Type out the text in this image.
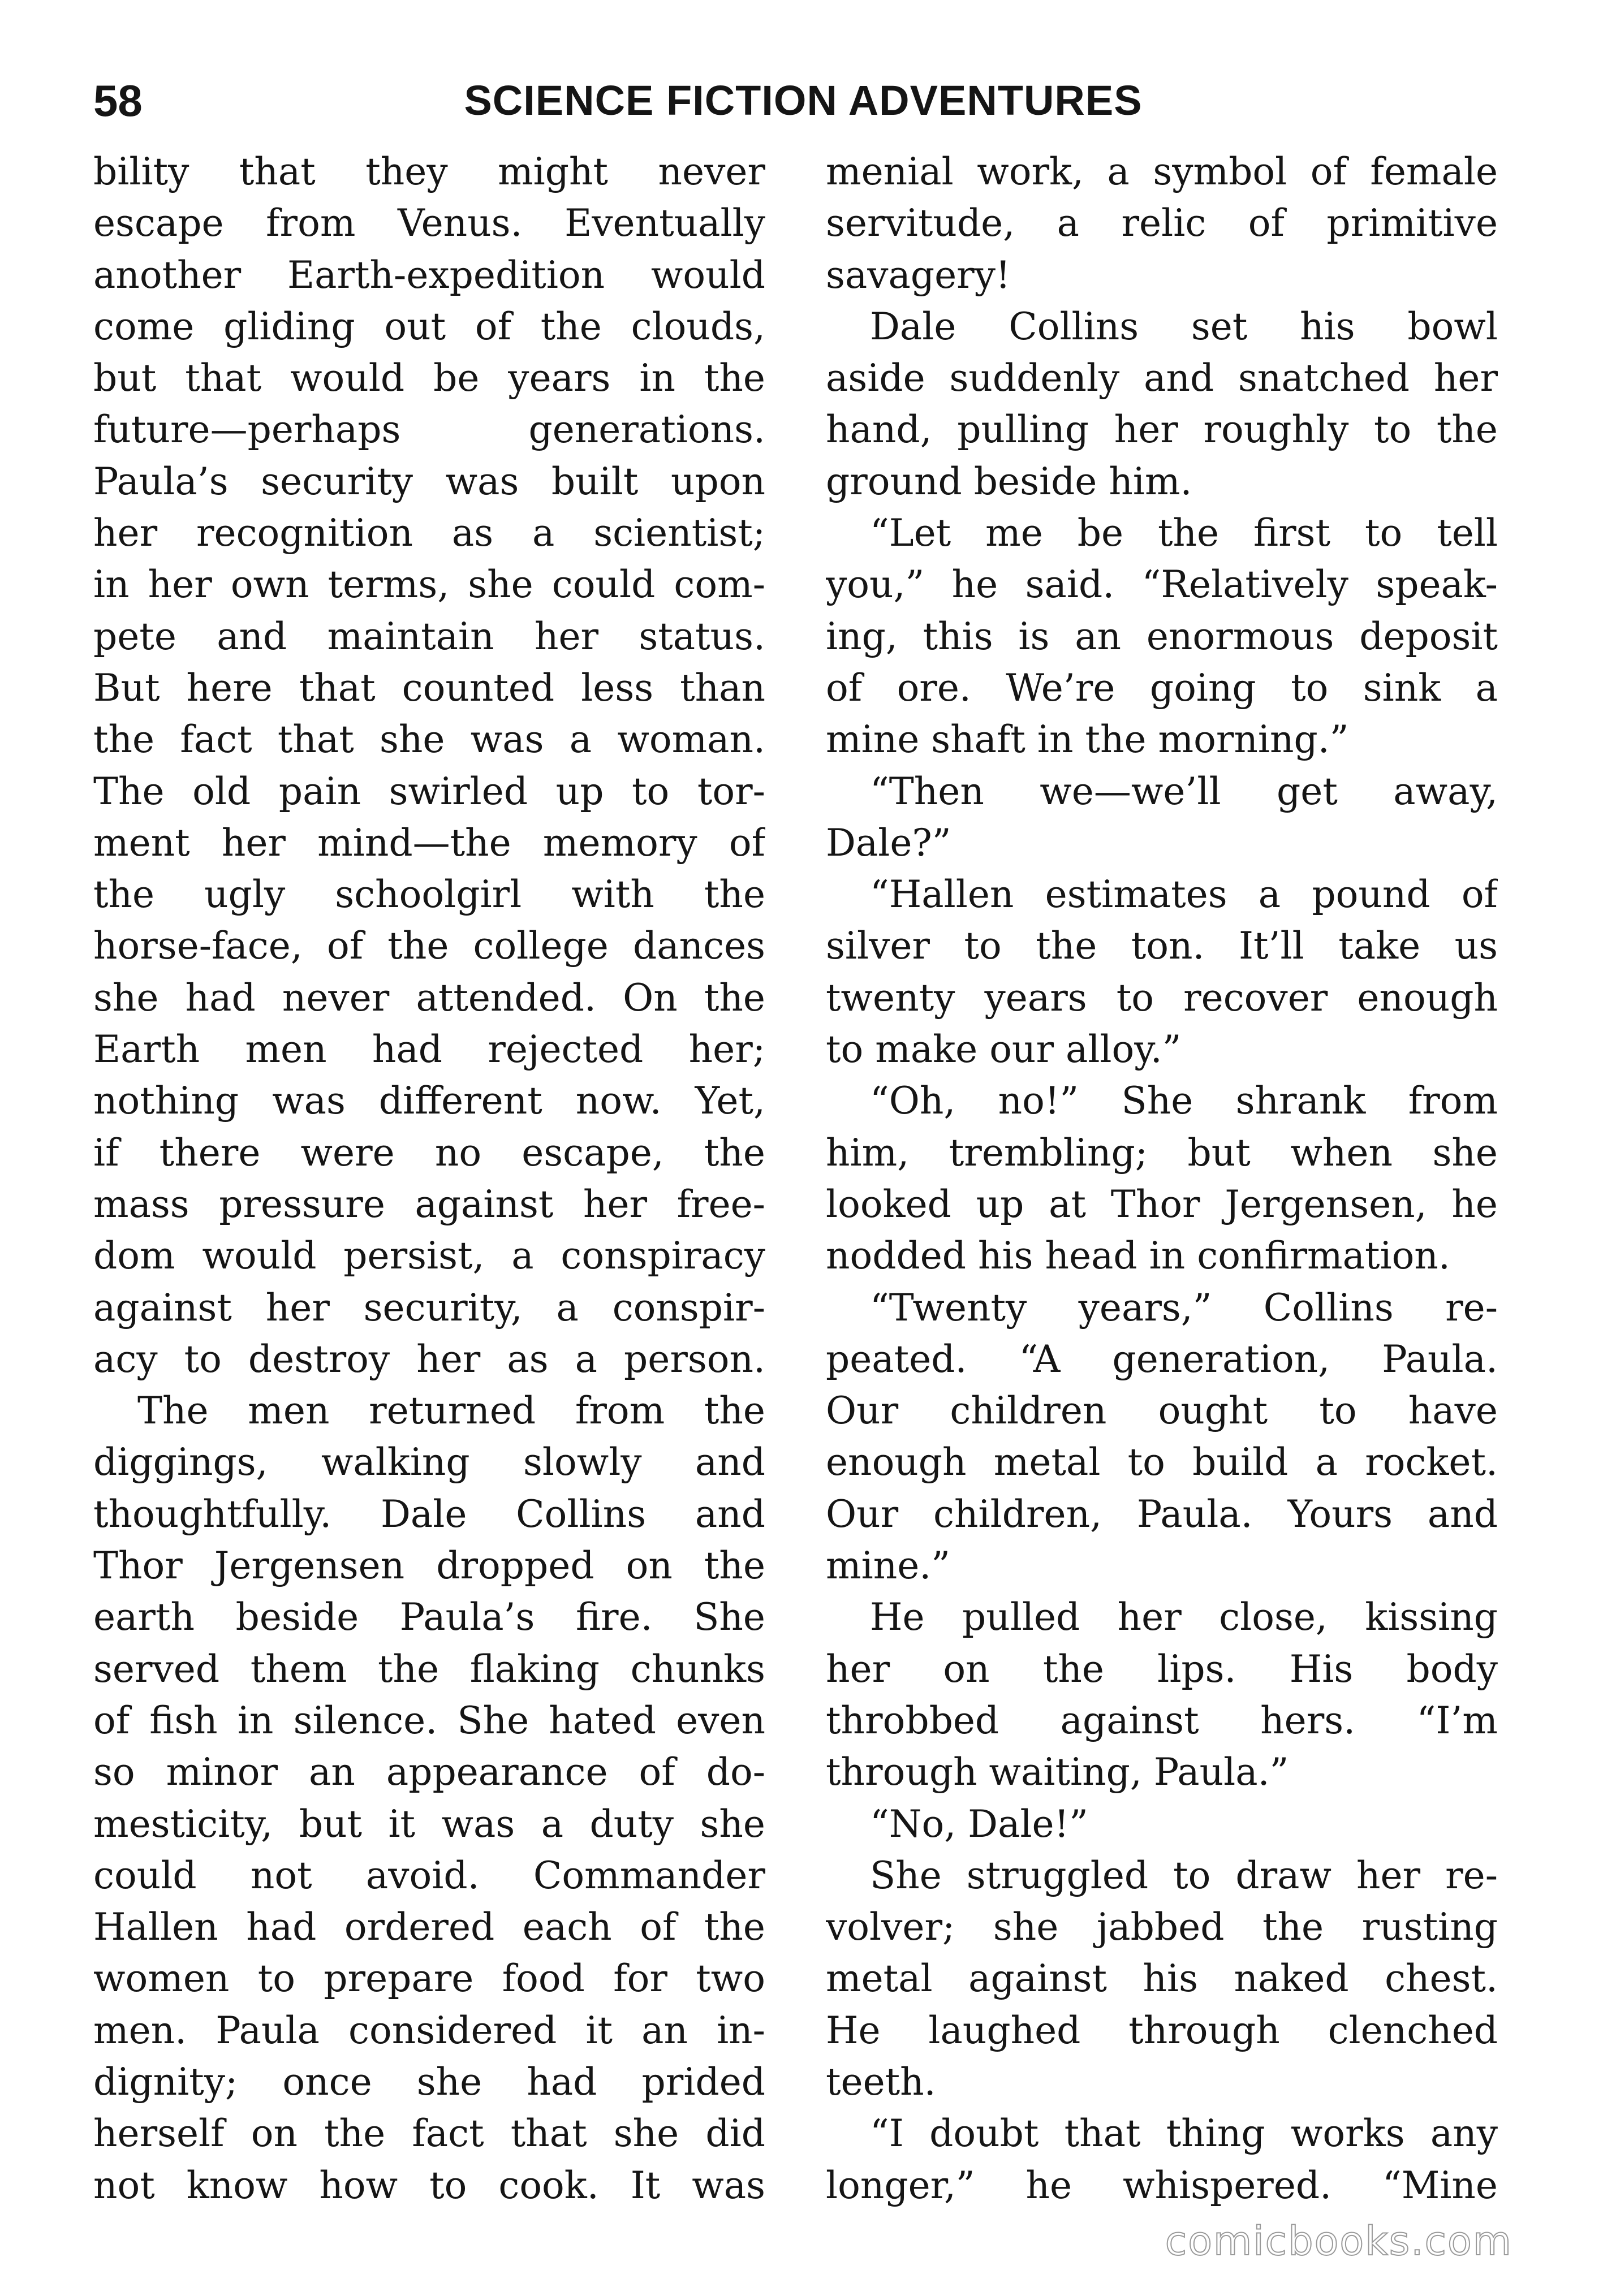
58	SCIENCE FICTION ADVENTURES
bility that they might never
escape from Venus. Eventually
another Earth-expedition would
come gliding out of the clouds,
but that would be years in the
future—perhaps generations.
Paula’s security was built upon
her recognition as a scientist;
in her own terms, she could com-
pete and maintain her status.
But here that counted less than
the fact that she was a woman.
The old pain swirled up to tor-
ment her mind—the memory of
the ugly schoolgirl with the
horse-face, of the college dances
she had never attended. On the
Earth men had rejected her;
nothing was different now. Yet,
if there were no escape, the
mass pressure against her free-
dom would persist, a conspiracy
against her security, a conspir-
acy to destroy her as a person.
The men returned from the
diggings, walking slowly and
thoughtfully. Dale Collins and
Thor Jergensen dropped on the
earth beside Paula’s fire. She
served them the flaking chunks
of fish in silence. She hated even
so minor an appearance of do-
mesticity, but it was a duty she
could not avoid. Commander
Hallen had ordered each of the
women to prepare food for two
men. Paula considered it an in-
dignity; once she had prided
herself on the fact that she did
not know how to cook. It was
menial work, a symbol of female
servitude, a relic of primitive
savagery!
Dale Collins set his bowl
aside suddenly and snatched her
hand, pulling her roughly to the
ground beside him.
“Let me be the first to tell
you,” he said. “Relatively speak-
ing, this is an enormous deposit
of ore. We’re going to sink a
mine shaft in the morning.”
“Then we—we’ll get away,
Dale?”
“Hallen estimates a pound of
silver to the ton. It’ll take us
twenty years to recover enough
to make our alloy.”
“Oh, no!” She shrank from
him, trembling; but when she
looked up at Thor Jergensen, he
nodded his head in confirmation.
“Twenty years,” Collins re-
peated. “A generation, Paula.
Our children ought to have
enough metal to build a rocket.
Our children, Paula. Yours and
mine.”
He pulled her close, kissing
her on the lips. His body
throbbed against hers. “I’m
through waiting, Paula.”
“No, Dale!”
She struggled to draw her re-
volver; she jabbed the rusting
metal against his naked chest.
He laughed through clenched
teeth.
“I doubt that thing works any
longer,” he whispered. “Mine
comicbooks.com
